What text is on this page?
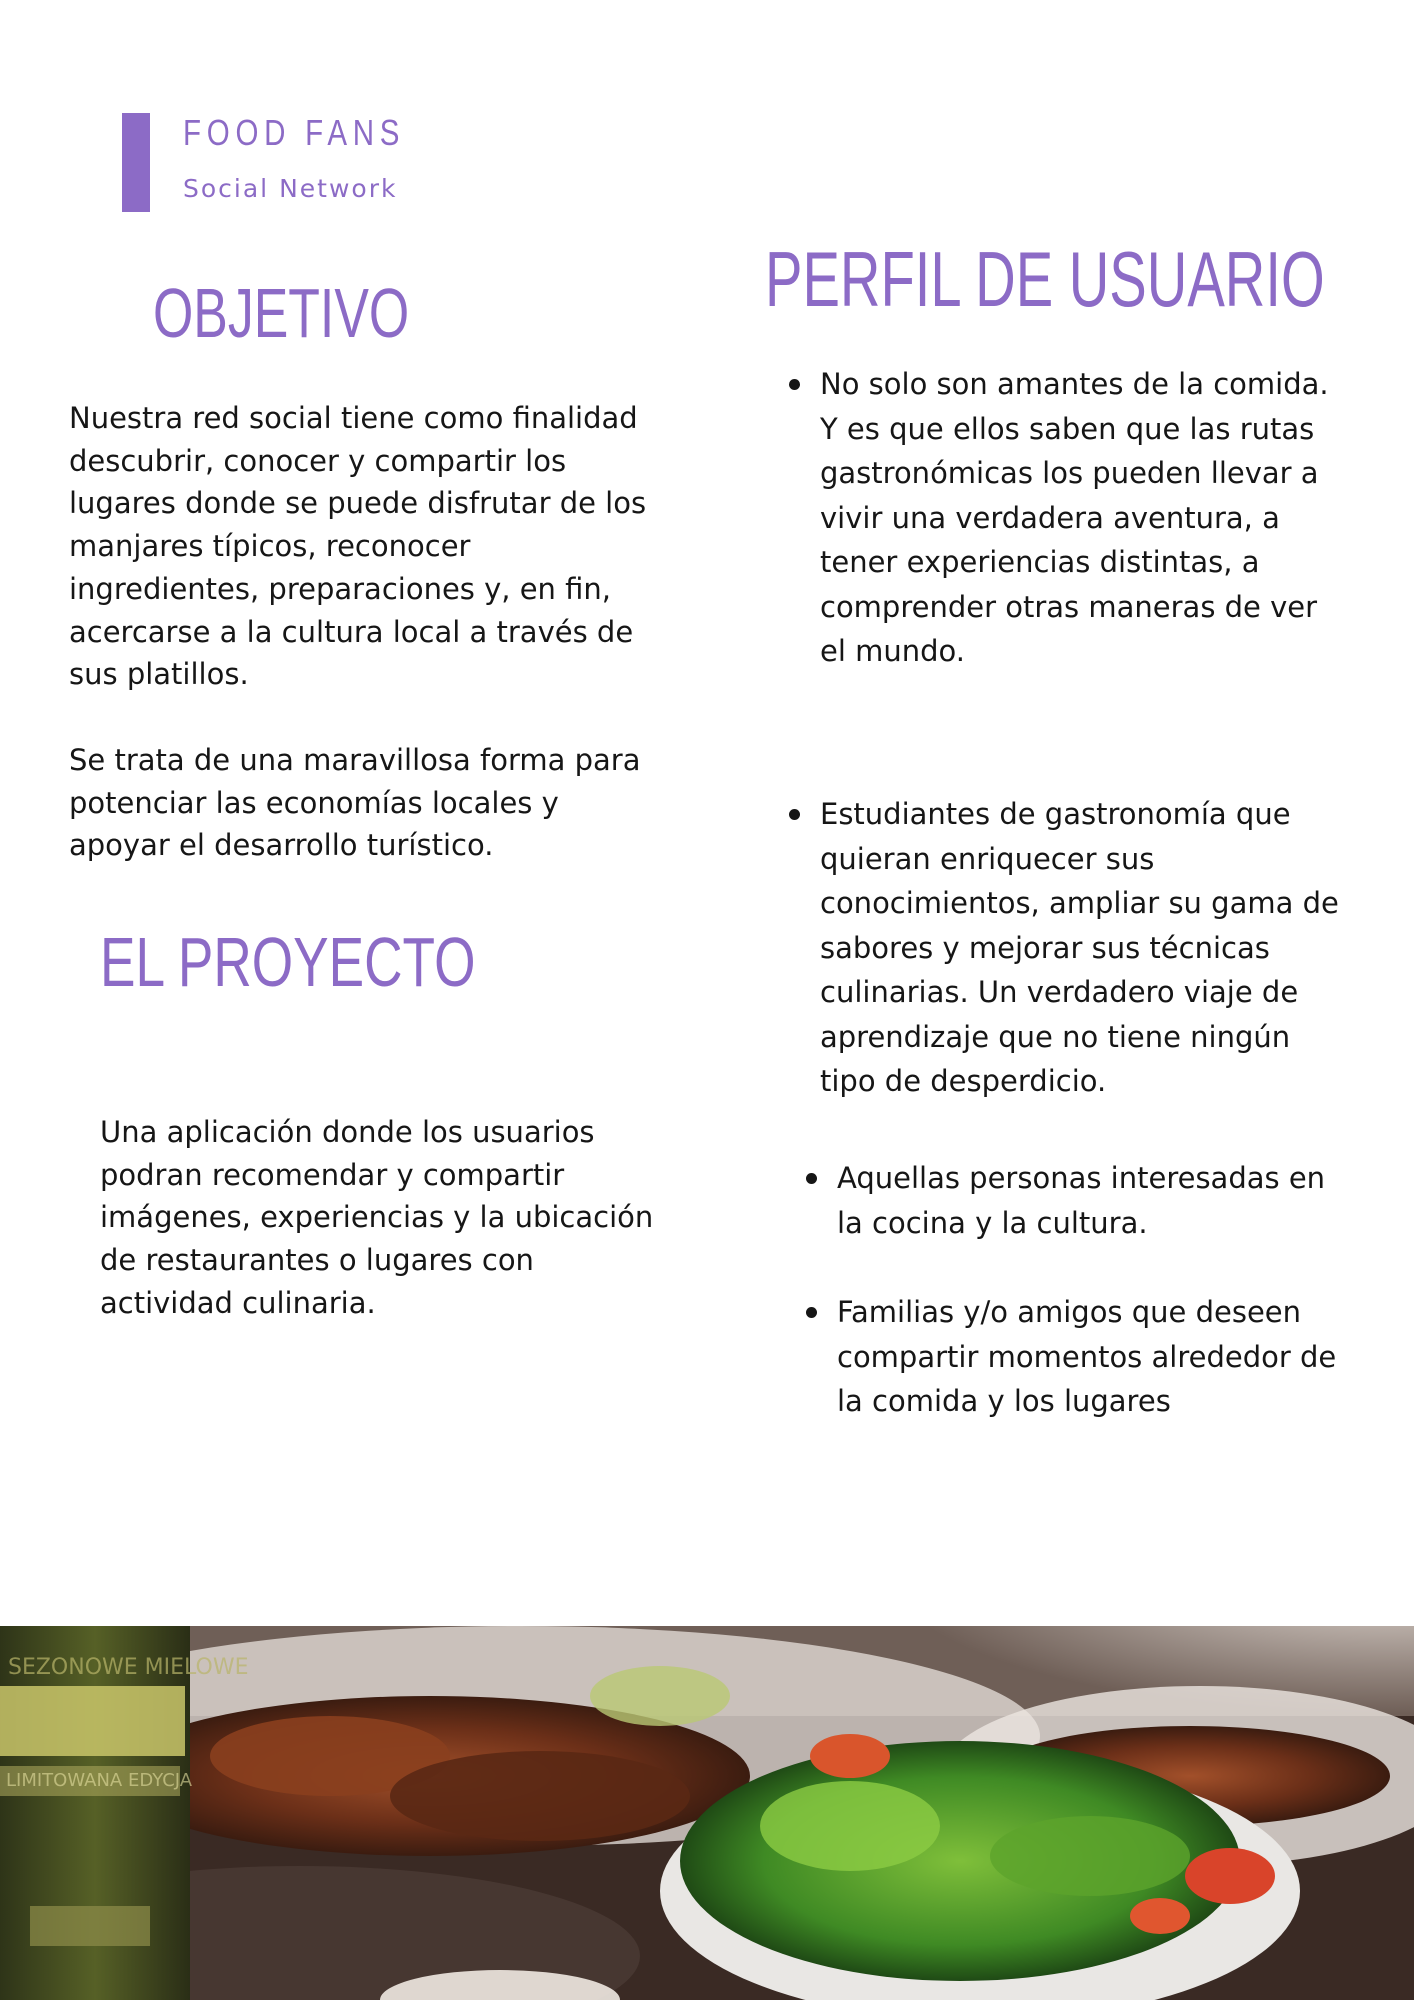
FOOD FANS
Social Network
OBJETIVO

Nuestra red social tiene como finalidad descubrir, conocer y compartir los lugares donde se puede disfrutar de los manjares típicos, reconocer ingredientes, preparaciones y, en fin, acercarse a la cultura local a través de sus platillos.

Se trata de una maravillosa forma para potenciar las economías locales y apoyar el desarrollo turístico.

EL PROYECTO

Una aplicación donde los usuarios podran recomendar y compartir imágenes, experiencias y la ubicación de restaurantes o lugares con actividad culinaria.

PERFIL DE USUARIO
No solo son amantes de la comida. Y es que ellos saben que las rutas gastronómicas los pueden llevar a vivir una verdadera aventura, a tener experiencias distintas, a comprender otras maneras de ver el mundo.
Estudiantes de gastronomía que quieran enriquecer sus conocimientos, ampliar su gama de sabores y mejorar sus técnicas culinarias. Un verdadero viaje de aprendizaje que no tiene ningún tipo de desperdicio.
Aquellas personas interesadas en la cocina y la cultura.
Familias y/o amigos que deseen compartir momentos alrededor de la comida y los lugares
SEZONOWE MIELOWE
LIMITOWANA EDYCJA
